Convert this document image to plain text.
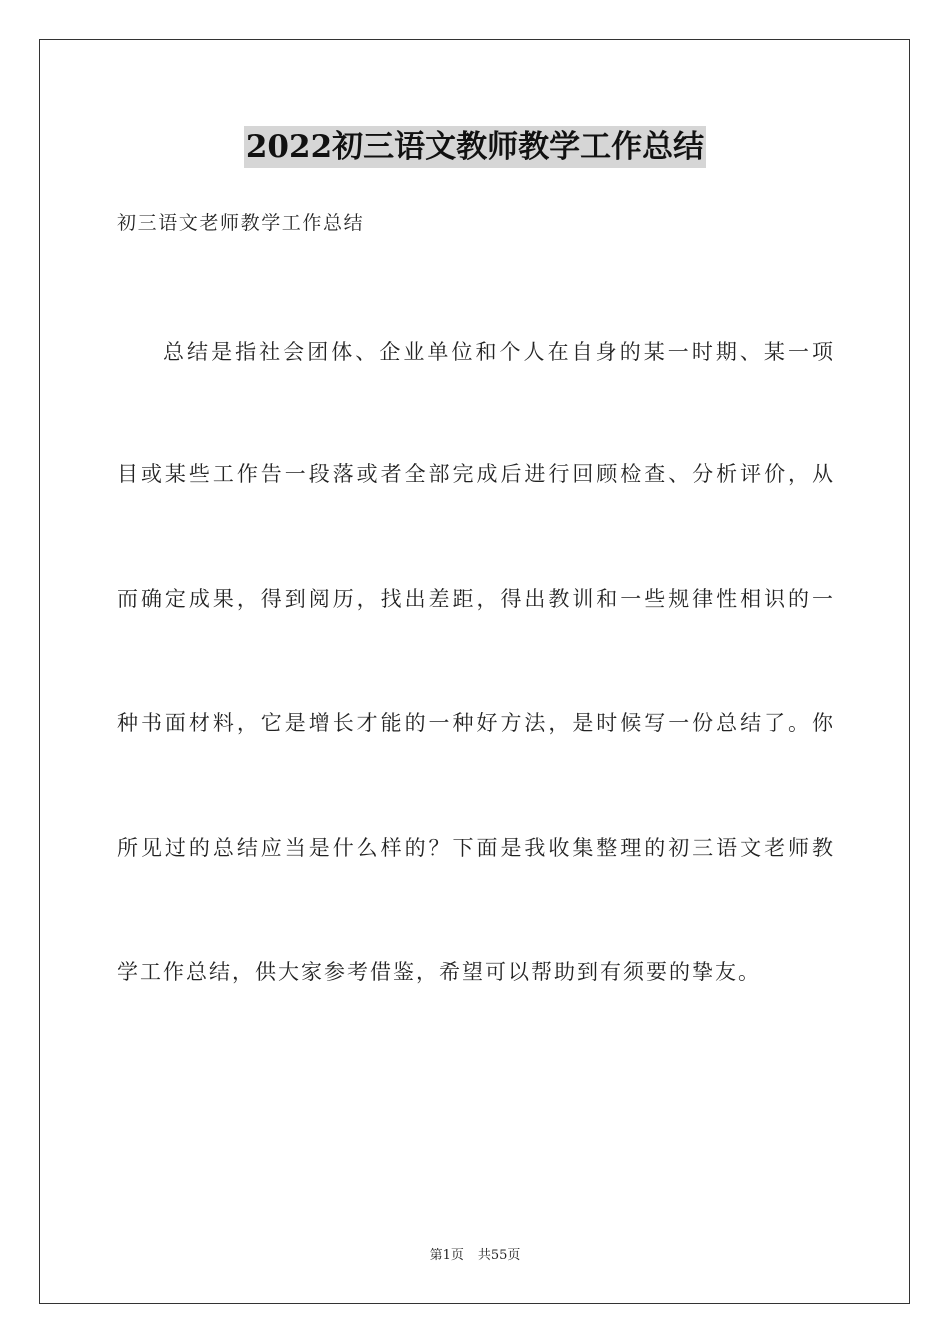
2022初三语文教师教学工作总结
初三语文老师教学工作总结
总结是指社会团体、企业单位和个人在自身的某一时期、某一项
目或某些工作告一段落或者全部完成后进行回顾检查、分析评价，从
而确定成果，得到阅历，找出差距，得出教训和一些规律性相识的一
种书面材料，它是增长才能的一种好方法，是时候写一份总结了。你
所见过的总结应当是什么样的？下面是我收集整理的初三语文老师教
学工作总结，供大家参考借鉴，希望可以帮助到有须要的挚友。
第1页 共55页
